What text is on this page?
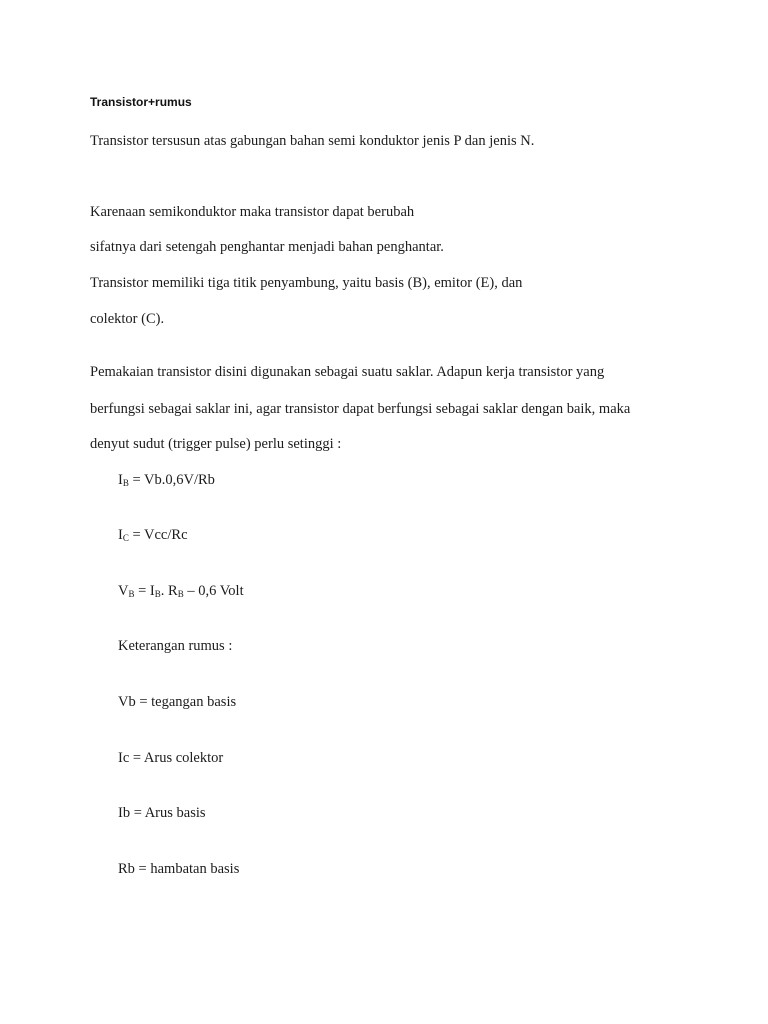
Transistor+rumus
Transistor tersusun atas gabungan bahan semi konduktor jenis P dan jenis N.
Karenaan semikonduktor maka transistor dapat berubah
sifatnya dari setengah penghantar menjadi bahan penghantar.
Transistor memiliki tiga titik penyambung, yaitu basis (B), emitor (E), dan
colektor (C).
Pemakaian transistor disini digunakan sebagai suatu saklar. Adapun kerja transistor yang
berfungsi sebagai saklar ini, agar transistor dapat berfungsi sebagai saklar dengan baik, maka
denyut sudut (trigger pulse) perlu setinggi :
$I_B = Vb.0,6V/Rb$
$I_C = Vcc/Rc$
$V_B = I_B$. $R_B - 0,6$ Volt
Keterangan rumus :
Vb = tegangan basis
Ic = Arus colektor
Ib = Arus basis
Rb = hambatan basis
